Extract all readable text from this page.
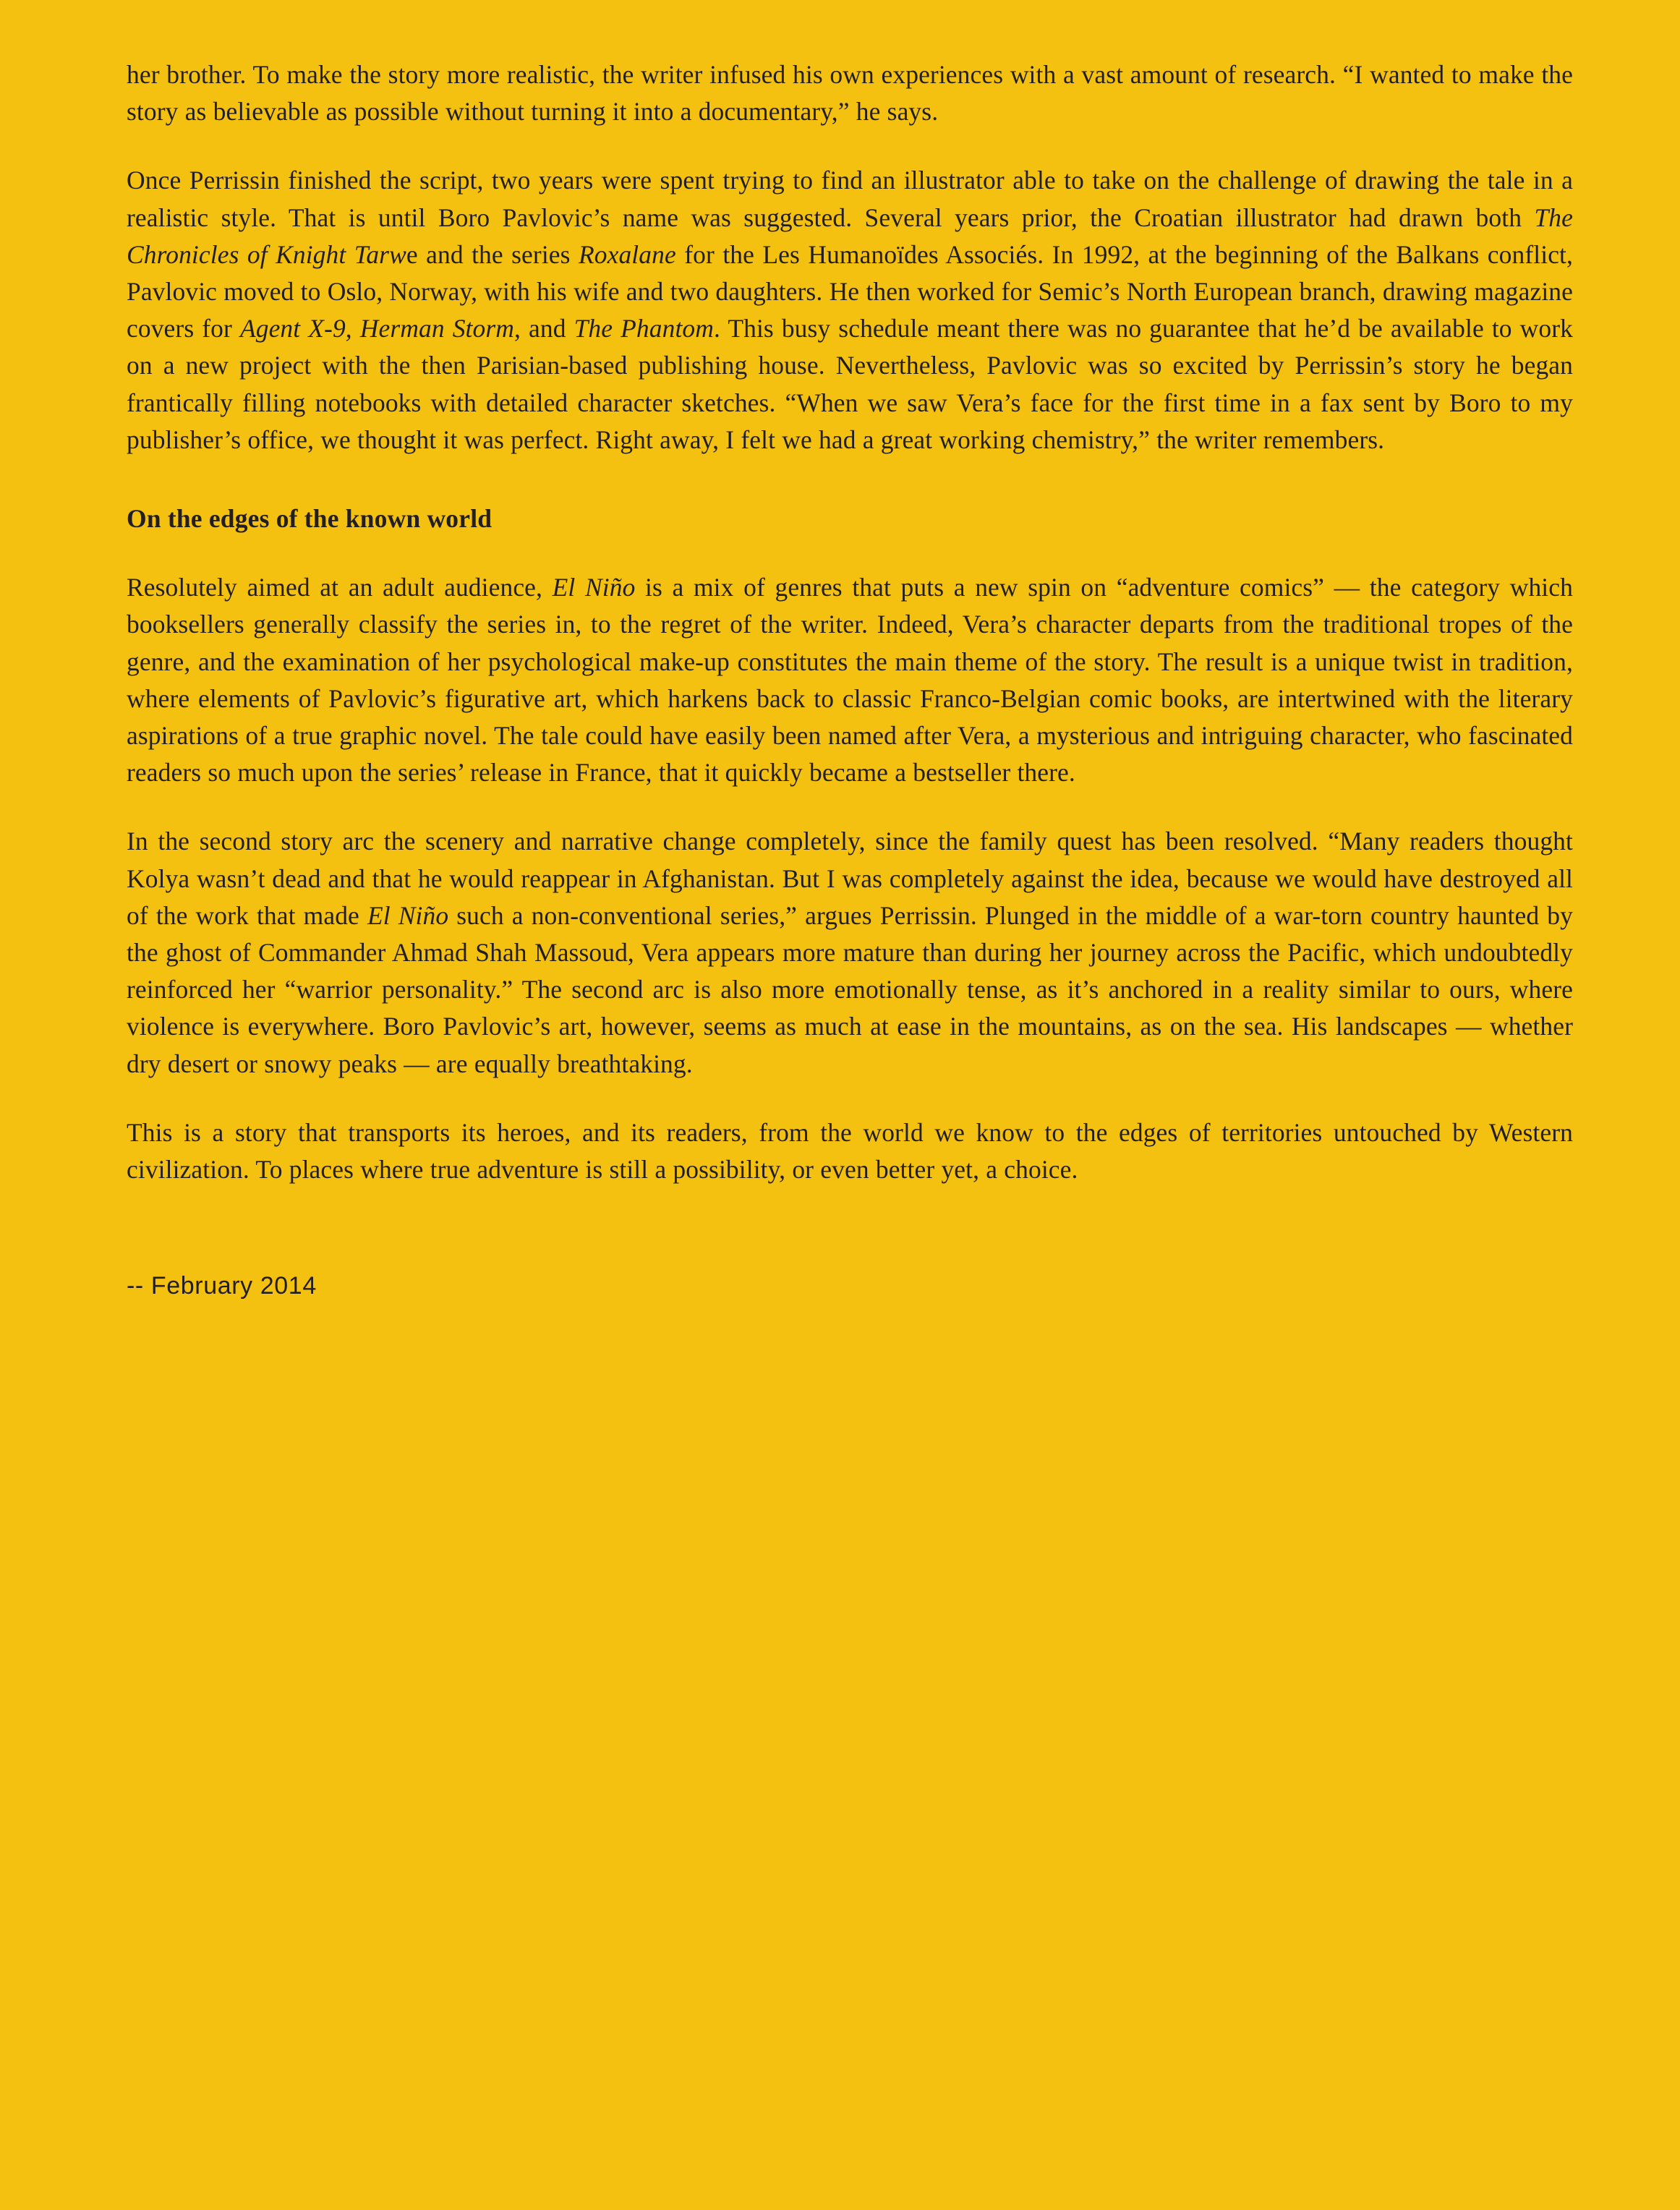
her brother. To make the story more realistic, the writer infused his own experiences with a vast amount of research. “I wanted to make the story as believable as possible without turning it into a documentary,” he says.

Once Perrissin finished the script, two years were spent trying to find an illustrator able to take on the challenge of drawing the tale in a realistic style. That is until Boro Pavlovic’s name was suggested. Several years prior, the Croatian illustrator had drawn both The Chronicles of Knight Tarwe and the series Roxalane for the Les Humanoïdes Associés. In 1992, at the beginning of the Balkans conflict, Pavlovic moved to Oslo, Norway, with his wife and two daughters. He then worked for Semic’s North European branch, drawing magazine covers for Agent X-9, Herman Storm, and The Phantom. This busy schedule meant there was no guarantee that he’d be available to work on a new project with the then Parisian-based publishing house. Nevertheless, Pavlovic was so excited by Perrissin’s story he began frantically filling notebooks with detailed character sketches. “When we saw Vera’s face for the first time in a fax sent by Boro to my publisher’s office, we thought it was perfect. Right away, I felt we had a great working chemistry,” the writer remembers.

On the edges of the known world

Resolutely aimed at an adult audience, El Niño is a mix of genres that puts a new spin on “adventure comics” — the category which booksellers generally classify the series in, to the regret of the writer. Indeed, Vera’s character departs from the traditional tropes of the genre, and the examination of her psychological make-up constitutes the main theme of the story. The result is a unique twist in tradition, where elements of Pavlovic’s figurative art, which harkens back to classic Franco-Belgian comic books, are intertwined with the literary aspirations of a true graphic novel. The tale could have easily been named after Vera, a mysterious and intriguing character, who fascinated readers so much upon the series’ release in France, that it quickly became a bestseller there.

In the second story arc the scenery and narrative change completely, since the family quest has been resolved. “Many readers thought Kolya wasn’t dead and that he would reappear in Afghanistan. But I was completely against the idea, because we would have destroyed all of the work that made El Niño such a non-conventional series,” argues Perrissin. Plunged in the middle of a war-torn country haunted by the ghost of Commander Ahmad Shah Massoud, Vera appears more mature than during her journey across the Pacific, which undoubtedly reinforced her “warrior personality.” The second arc is also more emotionally tense, as it’s anchored in a reality similar to ours, where violence is everywhere. Boro Pavlovic’s art, however, seems as much at ease in the mountains, as on the sea. His landscapes — whether dry desert or snowy peaks — are equally breathtaking.

This is a story that transports its heroes, and its readers, from the world we know to the edges of territories untouched by Western civilization. To places where true adventure is still a possibility, or even better yet, a choice.

-- February 2014
